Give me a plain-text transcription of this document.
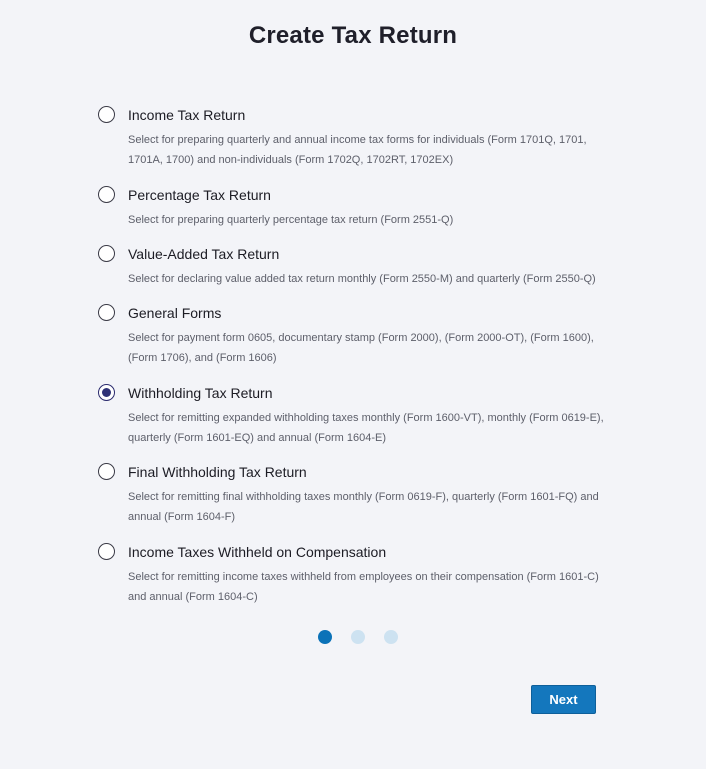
Create Tax Return
Income Tax Return
Select for preparing quarterly and annual income tax forms for individuals (Form 1701Q, 1701, 1701A, 1700) and non-individuals (Form 1702Q, 1702RT, 1702EX)
Percentage Tax Return
Select for preparing quarterly percentage tax return (Form 2551-Q)
Value-Added Tax Return
Select for declaring value added tax return monthly (Form 2550-M) and quarterly (Form 2550-Q)
General Forms
Select for payment form 0605, documentary stamp (Form 2000), (Form 2000-OT), (Form 1600), (Form 1706), and (Form 1606)
Withholding Tax Return
Select for remitting expanded withholding taxes monthly (Form 1600-VT), monthly (Form 0619-E), quarterly (Form 1601-EQ) and annual (Form 1604-E)
Final Withholding Tax Return
Select for remitting final withholding taxes monthly (Form 0619-F), quarterly (Form 1601-FQ) and annual (Form 1604-F)
Income Taxes Withheld on Compensation
Select for remitting income taxes withheld from employees on their compensation (Form 1601-C) and annual (Form 1604-C)
Next
